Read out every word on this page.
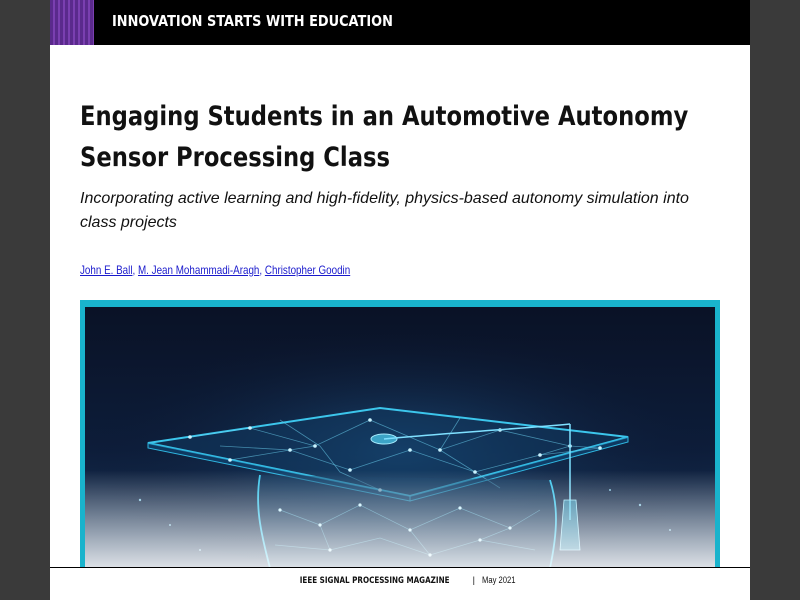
INNOVATION STARTS WITH EDUCATION
Engaging Students in an Automotive Autonomy Sensor Processing Class

Incorporating active learning and high-fidelity, physics-based autonomy simulation into class projects

John E. Ball, M. Jean Mohammadi-Aragh, Christopher Goodin
IEEE SIGNAL PROCESSING MAGAZINE	| May 2021
